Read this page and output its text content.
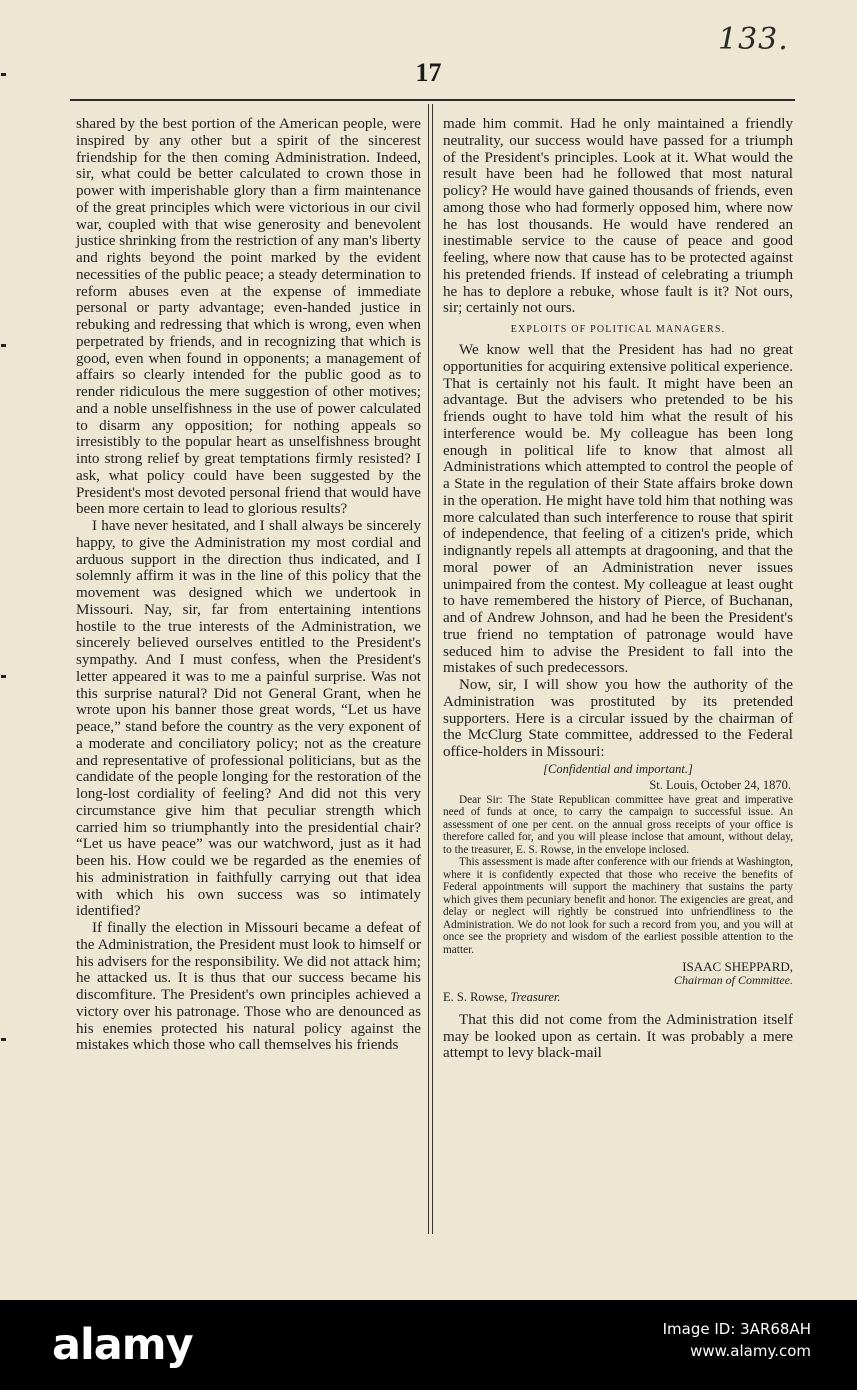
133.
17

shared by the best portion of the American people, were inspired by any other but a spirit of the sincerest friendship for the then coming Administration. Indeed, sir, what could be better calculated to crown those in power with imperishable glory than a firm maintenance of the great principles which were victorious in our civil war, coupled with that wise generosity and benevolent justice shrinking from the restriction of any man's liberty and rights beyond the point marked by the evident necessities of the public peace; a steady determination to reform abuses even at the expense of immediate personal or party advantage; even-handed justice in rebuking and redressing that which is wrong, even when perpetrated by friends, and in recognizing that which is good, even when found in opponents; a management of affairs so clearly intended for the public good as to render ridiculous the mere suggestion of other motives; and a noble unselfishness in the use of power calculated to disarm any opposition; for nothing appeals so irresistibly to the popular heart as unselfishness brought into strong relief by great temptations firmly resisted? I ask, what policy could have been suggested by the President's most devoted personal friend that would have been more certain to lead to glorious results?

I have never hesitated, and I shall always be sincerely happy, to give the Administration my most cordial and arduous support in the direction thus indicated, and I solemnly affirm it was in the line of this policy that the movement was designed which we undertook in Missouri. Nay, sir, far from entertaining intentions hostile to the true interests of the Administration, we sincerely believed ourselves entitled to the President's sympathy. And I must confess, when the President's letter appeared it was to me a painful surprise. Was not this surprise natural? Did not General Grant, when he wrote upon his banner those great words, “Let us have peace,” stand before the country as the very exponent of a moderate and conciliatory policy; not as the creature and representative of professional politicians, but as the candidate of the people longing for the restoration of the long-lost cordiality of feeling? And did not this very circumstance give him that peculiar strength which carried him so triumphantly into the presidential chair? “Let us have peace” was our watchword, just as it had been his. How could we be regarded as the enemies of his administration in faithfully carrying out that idea with which his own success was so intimately identified?

If finally the election in Missouri became a defeat of the Administration, the President must look to himself or his advisers for the responsibility. We did not attack him; he attacked us. It is thus that our success became his discomfiture. The President's own principles achieved a victory over his patronage. Those who are denounced as his enemies protected his natural policy against the mistakes which those who call themselves his friends

made him commit. Had he only maintained a friendly neutrality, our success would have passed for a triumph of the President's principles. Look at it. What would the result have been had he followed that most natural policy? He would have gained thousands of friends, even among those who had formerly opposed him, where now he has lost thousands. He would have rendered an inestimable service to the cause of peace and good feeling, where now that cause has to be protected against his pretended friends. If instead of celebrating a triumph he has to deplore a rebuke, whose fault is it? Not ours, sir; certainly not ours.

EXPLOITS OF POLITICAL MANAGERS.

We know well that the President has had no great opportunities for acquiring extensive political experience. That is certainly not his fault. It might have been an advantage. But the advisers who pretended to be his friends ought to have told him what the result of his interference would be. My colleague has been long enough in political life to know that almost all Administrations which attempted to control the people of a State in the regulation of their State affairs broke down in the operation. He might have told him that nothing was more calculated than such interference to rouse that spirit of independence, that feeling of a citizen's pride, which indignantly repels all attempts at dragooning, and that the moral power of an Administration never issues unimpaired from the contest. My colleague at least ought to have remembered the history of Pierce, of Buchanan, and of Andrew Johnson, and had he been the President's true friend no temptation of patronage would have seduced him to advise the President to fall into the mistakes of such predecessors.

Now, sir, I will show you how the authority of the Administration was prostituted by its pretended supporters. Here is a circular issued by the chairman of the McClurg State committee, addressed to the Federal office-holders in Missouri:

[Confidential and important.]

St. Louis, October 24, 1870.

Dear Sir: The State Republican committee have great and imperative need of funds at once, to carry the campaign to successful issue. An assessment of one per cent. on the annual gross receipts of your office is therefore called for, and you will please inclose that amount, without delay, to the treasurer, E. S. Rowse, in the envelope inclosed.

This assessment is made after conference with our friends at Washington, where it is confidently expected that those who receive the benefits of Federal appointments will support the machinery that sustains the party which gives them pecuniary benefit and honor. The exigencies are great, and delay or neglect will rightly be construed into unfriendliness to the Administration. We do not look for such a record from you, and you will at once see the propriety and wisdom of the earliest possible attention to the matter.

ISAAC SHEPPARD,

Chairman of Committee.

E. S. Rowse, Treasurer.

That this did not come from the Administration itself may be looked upon as certain. It was probably a mere attempt to levy black-mail

alamy	Image ID: 3AR68AH
www.alamy.com
